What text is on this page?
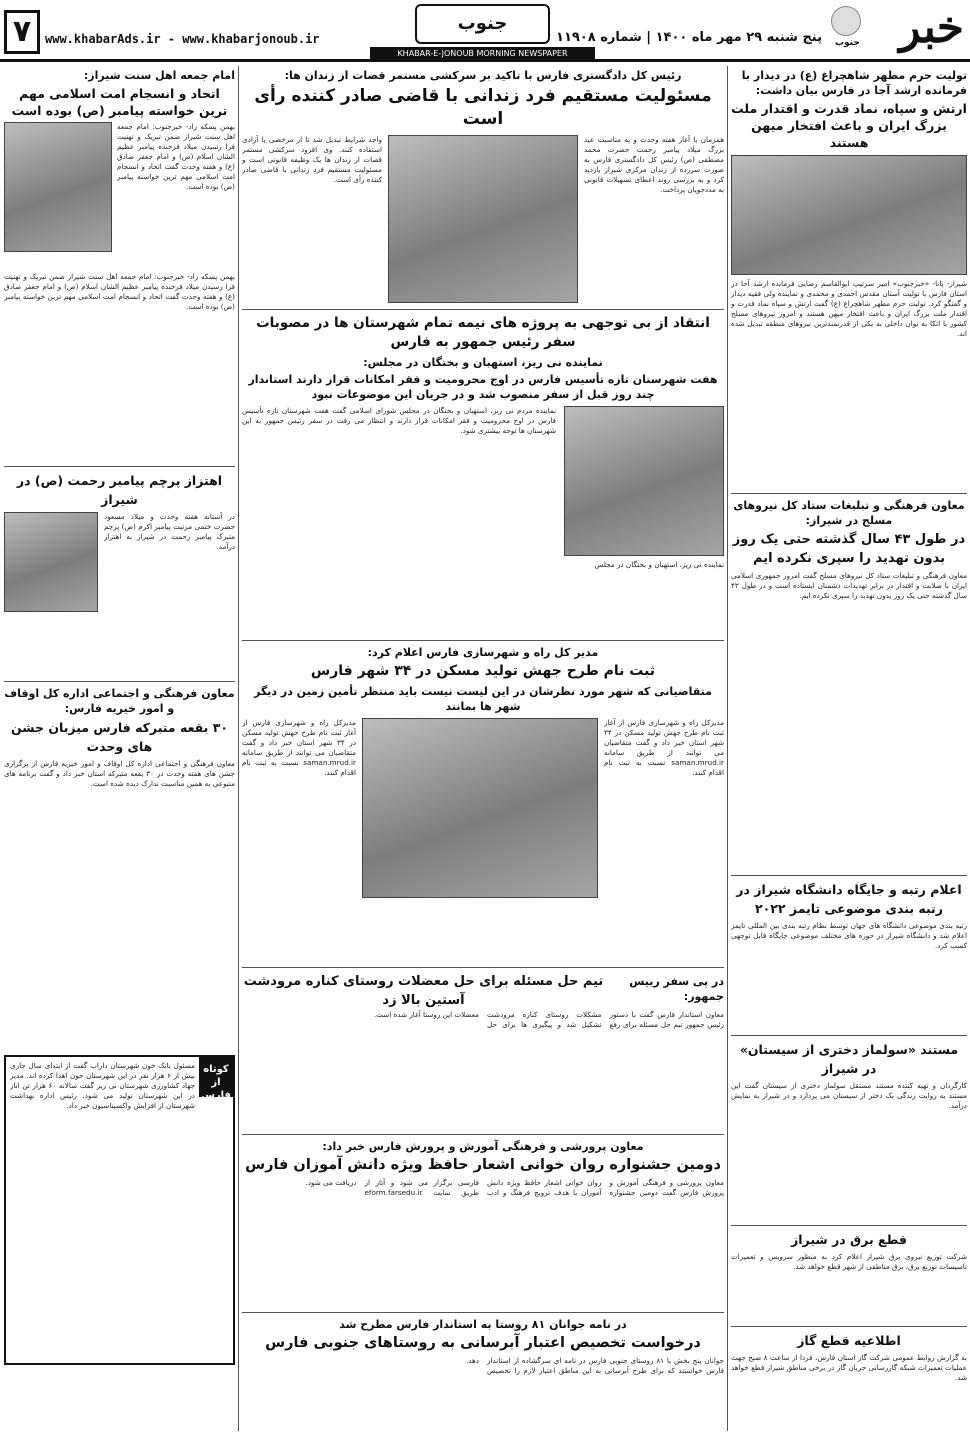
خبر
جنوب
پنج شنبه ۲۹ مهر ماه ۱۴۰۰ | شماره ۱۱۹۰۸
جنوب
KHABAR-E-JONOUB MORNING NEWSPAPER
www.khabarAds.ir - www.khabarjonoub.ir
۷
تولیت حرم مطهر شاهچراغ (ع) در دیدار با فرمانده ارشد آجا در فارس بیان داشت:
ارتش و سپاه، نماد قدرت و اقتدار ملت بزرگ ایران و باعث افتخار میهن هستند
شیراز- پانا- «خبرجنوب» امیر سرتیپ ابوالقاسم رضایی فرمانده ارشد آجا در استان فارس با تولیت آستان مقدس احمدی و محمدی و نماینده ولی فقیه دیدار و گفتگو کرد. تولیت حرم مطهر شاهچراغ (ع) گفت ارتش و سپاه نماد قدرت و اقتدار ملت بزرگ ایران و باعث افتخار میهن هستند و امروز نیروهای مسلح کشور با اتکا به توان داخلی به یکی از قدرتمندترین نیروهای منطقه تبدیل شده اند.
معاون فرهنگی و تبلیغات ستاد کل نیروهای مسلح در شیراز:
در طول ۴۳ سال گذشته حتی یک روز بدون تهدید را سپری نکرده ایم
معاون فرهنگی و تبلیغات ستاد کل نیروهای مسلح گفت امروز جمهوری اسلامی ایران با صلابت و اقتدار در برابر تهدیدات دشمنان ایستاده است و در طول ۴۳ سال گذشته حتی یک روز بدون تهدید را سپری نکرده ایم.
اعلام رتبه و جایگاه دانشگاه شیراز در رتبه بندی موضوعی تایمز ۲۰۲۲
رتبه بندی موضوعی دانشگاه های جهان توسط نظام رتبه بندی بین المللی تایمز اعلام شد و دانشگاه شیراز در حوزه های مختلف موضوعی جایگاه قابل توجهی کسب کرد.
مستند «سولماز دختری از سیستان» در شیراز
کارگردان و تهیه کننده مستند مستقل سولماز دختری از سیستان گفت این مستند به روایت زندگی یک دختر از سیستان می پردازد و در شیراز به نمایش درآمد.
قطع برق در شیراز
شرکت توزیع نیروی برق شیراز اعلام کرد به منظور سرویس و تعمیرات تاسیسات توزیع برق، برق مناطقی از شهر قطع خواهد شد.
اطلاعیه قطع گاز
به گزارش روابط عمومی شرکت گاز استان فارس، فردا از ساعت ۸ صبح جهت عملیات تعمیرات شبکه گازرسانی جریان گاز در برخی مناطق شیراز قطع خواهد شد.
رئیس کل دادگستری فارس با تاکید بر سرکشی مستمر قضات از زندان ها:
مسئولیت مستقیم فرد زندانی با قاضی صادر کننده رأی است
همزمان با آغاز هفته وحدت و به مناسبت عید بزرگ میلاد پیامبر رحمت حضرت محمد مصطفی (ص) رئیس کل دادگستری فارس به صورت سرزده از زندان مرکزی شیراز بازدید کرد و به بررسی روند اعطای تسهیلات قانونی به مددجویان پرداخت.
واجد شرایط تبدیل شد تا از مرخصی یا آزادی استفاده کنند. وی افزود سرکشی مستمر قضات از زندان ها یک وظیفه قانونی است و مسئولیت مستقیم فرد زندانی با قاضی صادر کننده رأی است.
انتقاد از بی توجهی به پروژه های نیمه تمام شهرستان ها در مصوبات سفر رئیس جمهور به فارس
نماینده نی ریز، استهبان و بختگان در مجلس:
هفت شهرستان تازه تأسیس فارس در اوج محرومیت و فقر امکانات قرار دارند استاندار چند روز قبل از سفر منصوب شد و در جریان این موضوعات نبود
نماینده نی ریز، استهبان و بختگان در مجلس
نماینده مردم نی ریز، استهبان و بختگان در مجلس شورای اسلامی گفت هفت شهرستان تازه تأسیس فارس در اوج محرومیت و فقر امکانات قرار دارند و انتظار می رفت در سفر رئیس جمهور به این شهرستان ها توجه بیشتری شود.
مدیر کل راه و شهرسازی فارس اعلام کرد:
ثبت نام طرح جهش تولید مسکن در ۳۴ شهر فارس
متقاضیانی که شهر مورد نظرشان در این لیست نیست باید منتظر تأمین زمین در دیگر شهر ها بمانند
مدیرکل راه و شهرسازی فارس از آغاز ثبت نام طرح جهش تولید مسکن در ۳۴ شهر استان خبر داد و گفت متقاضیان می توانند از طریق سامانه saman.mrud.ir نسبت به ثبت نام اقدام کنند.
مدیرکل راه و شهرسازی فارس از آغاز ثبت نام طرح جهش تولید مسکن در ۳۴ شهر استان خبر داد و گفت متقاضیان می توانند از طریق سامانه saman.mrud.ir نسبت به ثبت نام اقدام کنند.
در پی سفر رییس جمهور:
تیم حل مسئله برای حل معضلات روستای کناره مرودشت آستین بالا زد
معاون استاندار فارس گفت با دستور رئیس جمهور تیم حل مسئله برای رفع مشکلات روستای کناره مرودشت تشکیل شد و پیگیری ها برای حل معضلات این روستا آغاز شده است.
معاون پرورشی و فرهنگی آموزش و پرورش فارس خبر داد:
دومین جشنواره روان خوانی اشعار حافظ ویژه دانش آموزان فارس
معاون پرورشی و فرهنگی آموزش و پرورش فارس گفت دومین جشنواره روان خوانی اشعار حافظ ویژه دانش آموزان با هدف ترویج فرهنگ و ادب فارسی برگزار می شود و آثار از طریق سایت eform.farsedu.ir دریافت می شود.
در نامه جوانان ۸۱ روستا به استاندار فارس مطرح شد
درخواست تخصیص اعتبار آبرسانی به روستاهای جنوبی فارس
جوانان پنج بخش با ۸۱ روستای جنوبی فارس در نامه ای سرگشاده از استاندار فارس خواستند که برای طرح آبرسانی به این مناطق اعتبار لازم را تخصیص دهد.
امام جمعه اهل سنت شیراز:
اتحاد و انسجام امت اسلامی مهم ترین خواسته پیامبر (ص) بوده است
بهمن پسکه راد- خبرجنوب: امام جمعه اهل سنت شیراز ضمن تبریک و تهنیت فرا رسیدن میلاد فرخنده پیامبر عظیم الشان اسلام (ص) و امام جعفر صادق (ع) و هفته وحدت گفت اتحاد و انسجام امت اسلامی مهم ترین خواسته پیامبر (ص) بوده است.
بهمن پسکه راد- خبرجنوب: امام جمعه اهل سنت شیراز ضمن تبریک و تهنیت فرا رسیدن میلاد فرخنده پیامبر عظیم الشان اسلام (ص) و امام جعفر صادق (ع) و هفته وحدت گفت اتحاد و انسجام امت اسلامی مهم ترین خواسته پیامبر (ص) بوده است.
اهتزاز پرچم پیامبر رحمت (ص) در شیراز
در آستانه هفته وحدت و میلاد مسعود حضرت ختمی مرتبت پیامبر اکرم (ص) پرچم متبرک پیامبر رحمت در شیراز به اهتزاز درآمد.
معاون فرهنگی و اجتماعی اداره کل اوقاف و امور خیریه فارس:
۳۰ بقعه متبرکه فارس میزبان جشن های وحدت
معاون فرهنگی و اجتماعی اداره کل اوقاف و امور خیریه فارس از برگزاری جشن های هفته وحدت در ۳۰ بقعه متبرکه استان خبر داد و گفت برنامه های متنوعی به همین مناسبت تدارک دیده شده است.
کوتاه از فارس
مسئول بانک خون شهرستان داراب گفت از ابتدای سال جاری بیش از ۶ هزار نفر در این شهرستان خون اهدا کرده اند. مدیر جهاد کشاورزی شهرستان نی ریز گفت سالانه ۶۰ هزار تن انار در این شهرستان تولید می شود. رئیس اداره بهداشت شهرستان از افزایش واکسیناسیون خبر داد.
